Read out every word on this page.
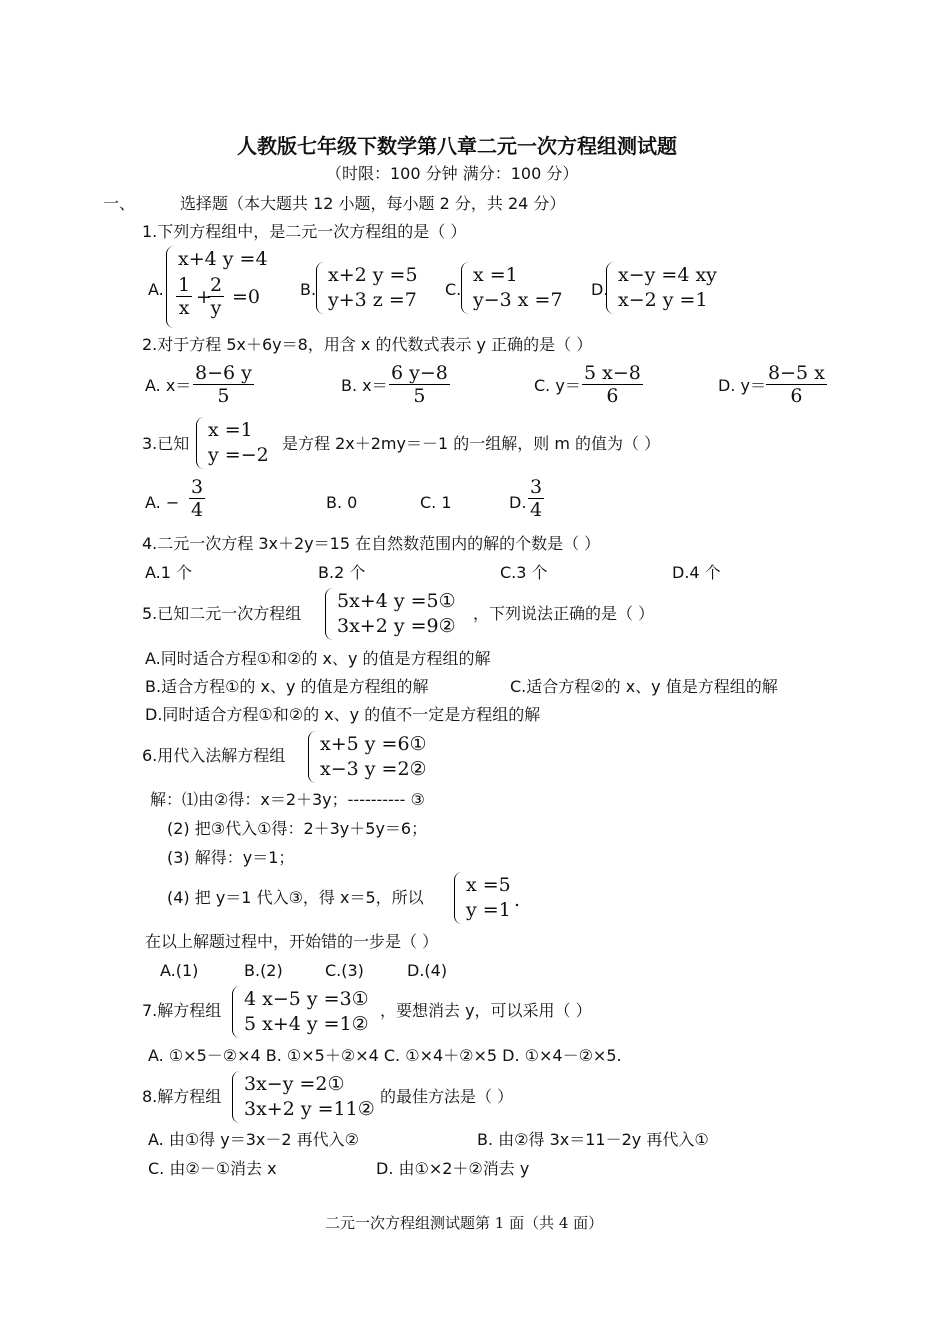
人教版七年级下数学第八章二元一次方程组测试题
（时限：100 分钟 满分：100 分）
一、	选择题（本大题共 12 小题，每小题 2 分，共 24 分）
1.下列方程组中，是二元一次方程组的是（ ）
A.
x+4 y =4
$\frac{1}{x}$ +
$\frac{2}{y} =0$ B.
x+2 y =5
y+3 z =7 C.
x =1
y−3 x =7 D.
x−y =4 xy
x−2 y =1
2.对于方程 5x＋6y＝8，用含 x 的代数式表示 y 正确的是（ ）
A. $x= \frac{8-6 y}{5}$	B. $x= \frac{6 y-8}{5}$	C. $y= \frac{5 x-8}{6}$	D. $y= \frac{8-5 x}{6}$
3.已知
x =1
y =−2
是方程 2x＋2my＝－1 的一组解，则 m 的值为（ ）
A. − $\frac{3}{4}$	B. 0	C. 1	D. $\frac{3}{4}$
4.二元一次方程 3x＋2y＝15 在自然数范围内的解的个数是（ ）
A.1 个	B.2 个	C.3 个	D.4 个
5.已知二元一次方程组
5x+4 y =5①
3x+2 y =9②
，下列说法正确的是（ ）
A.同时适合方程①和②的 x、y 的值是方程组的解
B.适合方程①的 x、y 的值是方程组的解	C.适合方程②的 x、y 值是方程组的解
D.同时适合方程①和②的 x、y 的值不一定是方程组的解
6.用代入法解方程组
x+5 y =6①
x−3 y =2②
解：⑴由②得：x＝2＋3y；---------- ③
(2) 把③代入①得：2＋3y＋5y＝6；
(3) 解得：y＝1；
(4) 把 y＝1 代入③，得 x＝5，所以
x =5
y =1 .
在以上解题过程中，开始错的一步是（ ）
A.(1)	B.(2)	C.(3)	D.(4)
7.解方程组
4 x−5 y =3①
5 x+4 y =1②
，要想消去 y，可以采用（ ）
A. ①×5－②×4 B. ①×5＋②×4 C. ①×4＋②×5 D. ①×4－②×5.
8.解方程组
3x−y =2①
3x+2 y =11②
的最佳方法是（ ）
A. 由①得 y＝3x－2 再代入②	B. 由②得 3x＝11－2y 再代入①
C. 由②－①消去 x	D. 由①×2＋②消去 y
二元一次方程组测试题第 1 面（共 4 面）
